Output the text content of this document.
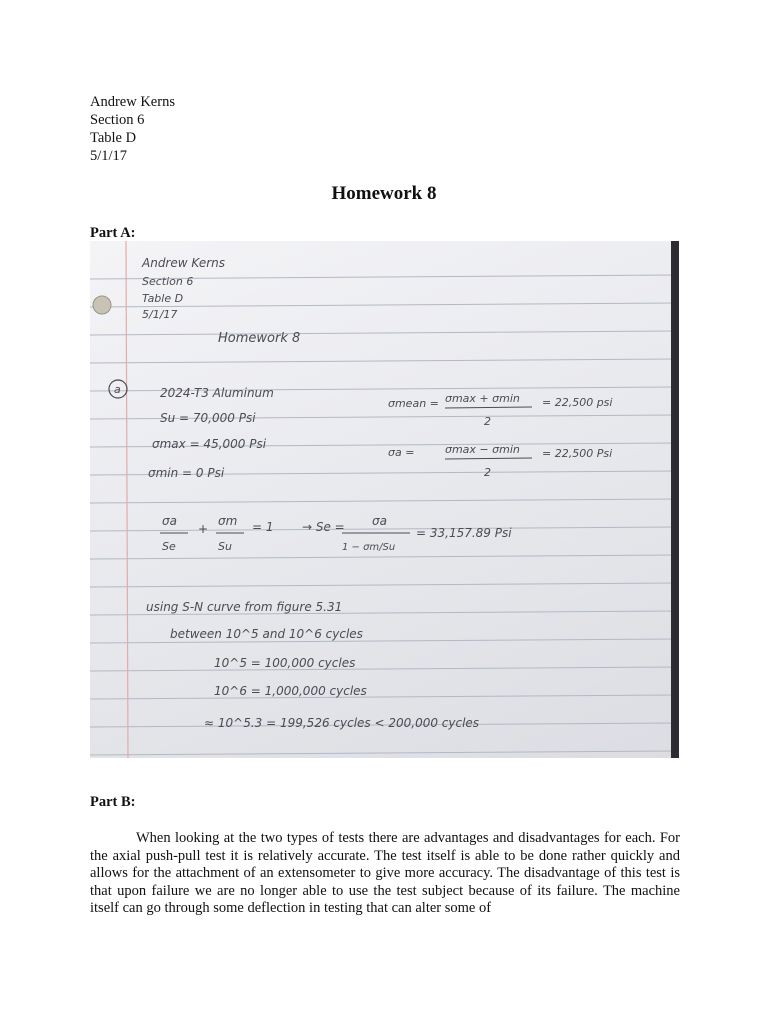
Andrew Kerns
Section 6
Table D
5/1/17
Homework 8
Part A:
Andrew Kerns
Section 6
Table D
5/1/17
Homework 8
a	2024-T3 Aluminum
Su = 70,000 Psi
σmax = 45,000 Psi
σmin = 0 Psi
σmean = σmax + σmin
2
= 22,500 psi
σa =	σmax − σmin
2
= 22,500 Psi
σa
Se
+
σm
Su
= 1 → Se = σa
1 − σm/Su
= 33,157.89 Psi
using S-N curve from figure 5.31
between 10^5 and 10^6 cycles
10^5 = 100,000 cycles
10^6 = 1,000,000 cycles
≈ 10^5.3 = 199,526 cycles < 200,000 cycles
Part B:

When looking at the two types of tests there are advantages and disadvantages for each. For the axial push-pull test it is relatively accurate. The test itself is able to be done rather quickly and allows for the attachment of an extensometer to give more accuracy. The disadvantage of this test is that upon failure we are no longer able to use the test subject because of its failure. The machine itself can go through some deflection in testing that can alter some of
